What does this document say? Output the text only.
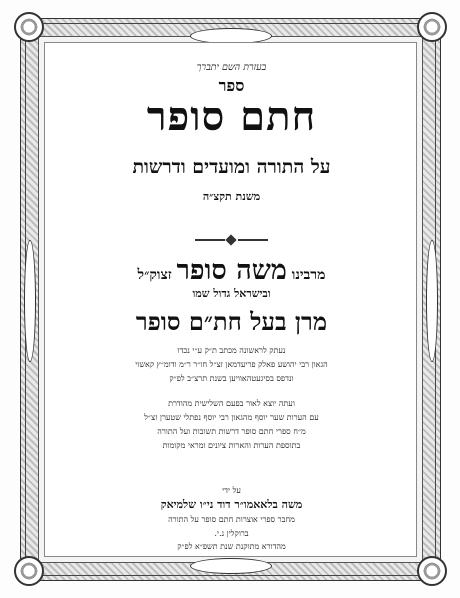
בעזרת השם יתברך
ספר
חתם סופר
על התורה ומועדים ודרשות
משנת תקצ״ה
מרבינו משה סופר זצוק״ל
ובישראל גדול שמו
מרן בעל חת״ם סופר
נעתק לראשונה מכתב ת״ק ע״י נכדו
הגאון רבי יהושע פאלק פריעדמאן זצ״ל חו״ר ר״מ ודומ״ץ קאשוי
ונדפס בסיגעטהאוויען בשנת תרצ״ב לפ״ק
ועתה יוצא לאור בפעם השלישית מהודרת
עם הערות שער יוסף מהגאון רבי יוסף נפתלי שטערן זצ״ל
מ״ח ספרי חתם סופר דרשות תשובות ועל התורה
בתוספת הערות והארות ציונים ומראי מקומות
על ידי
משה בלאאמו״ר דוד ני״ו שלמיאק
מחבר ספרי אוצרות חתם סופר על התורה
ברוקלין נ.י.
מהדורא מתוקנת שנת תשפ״א לפ״ק
